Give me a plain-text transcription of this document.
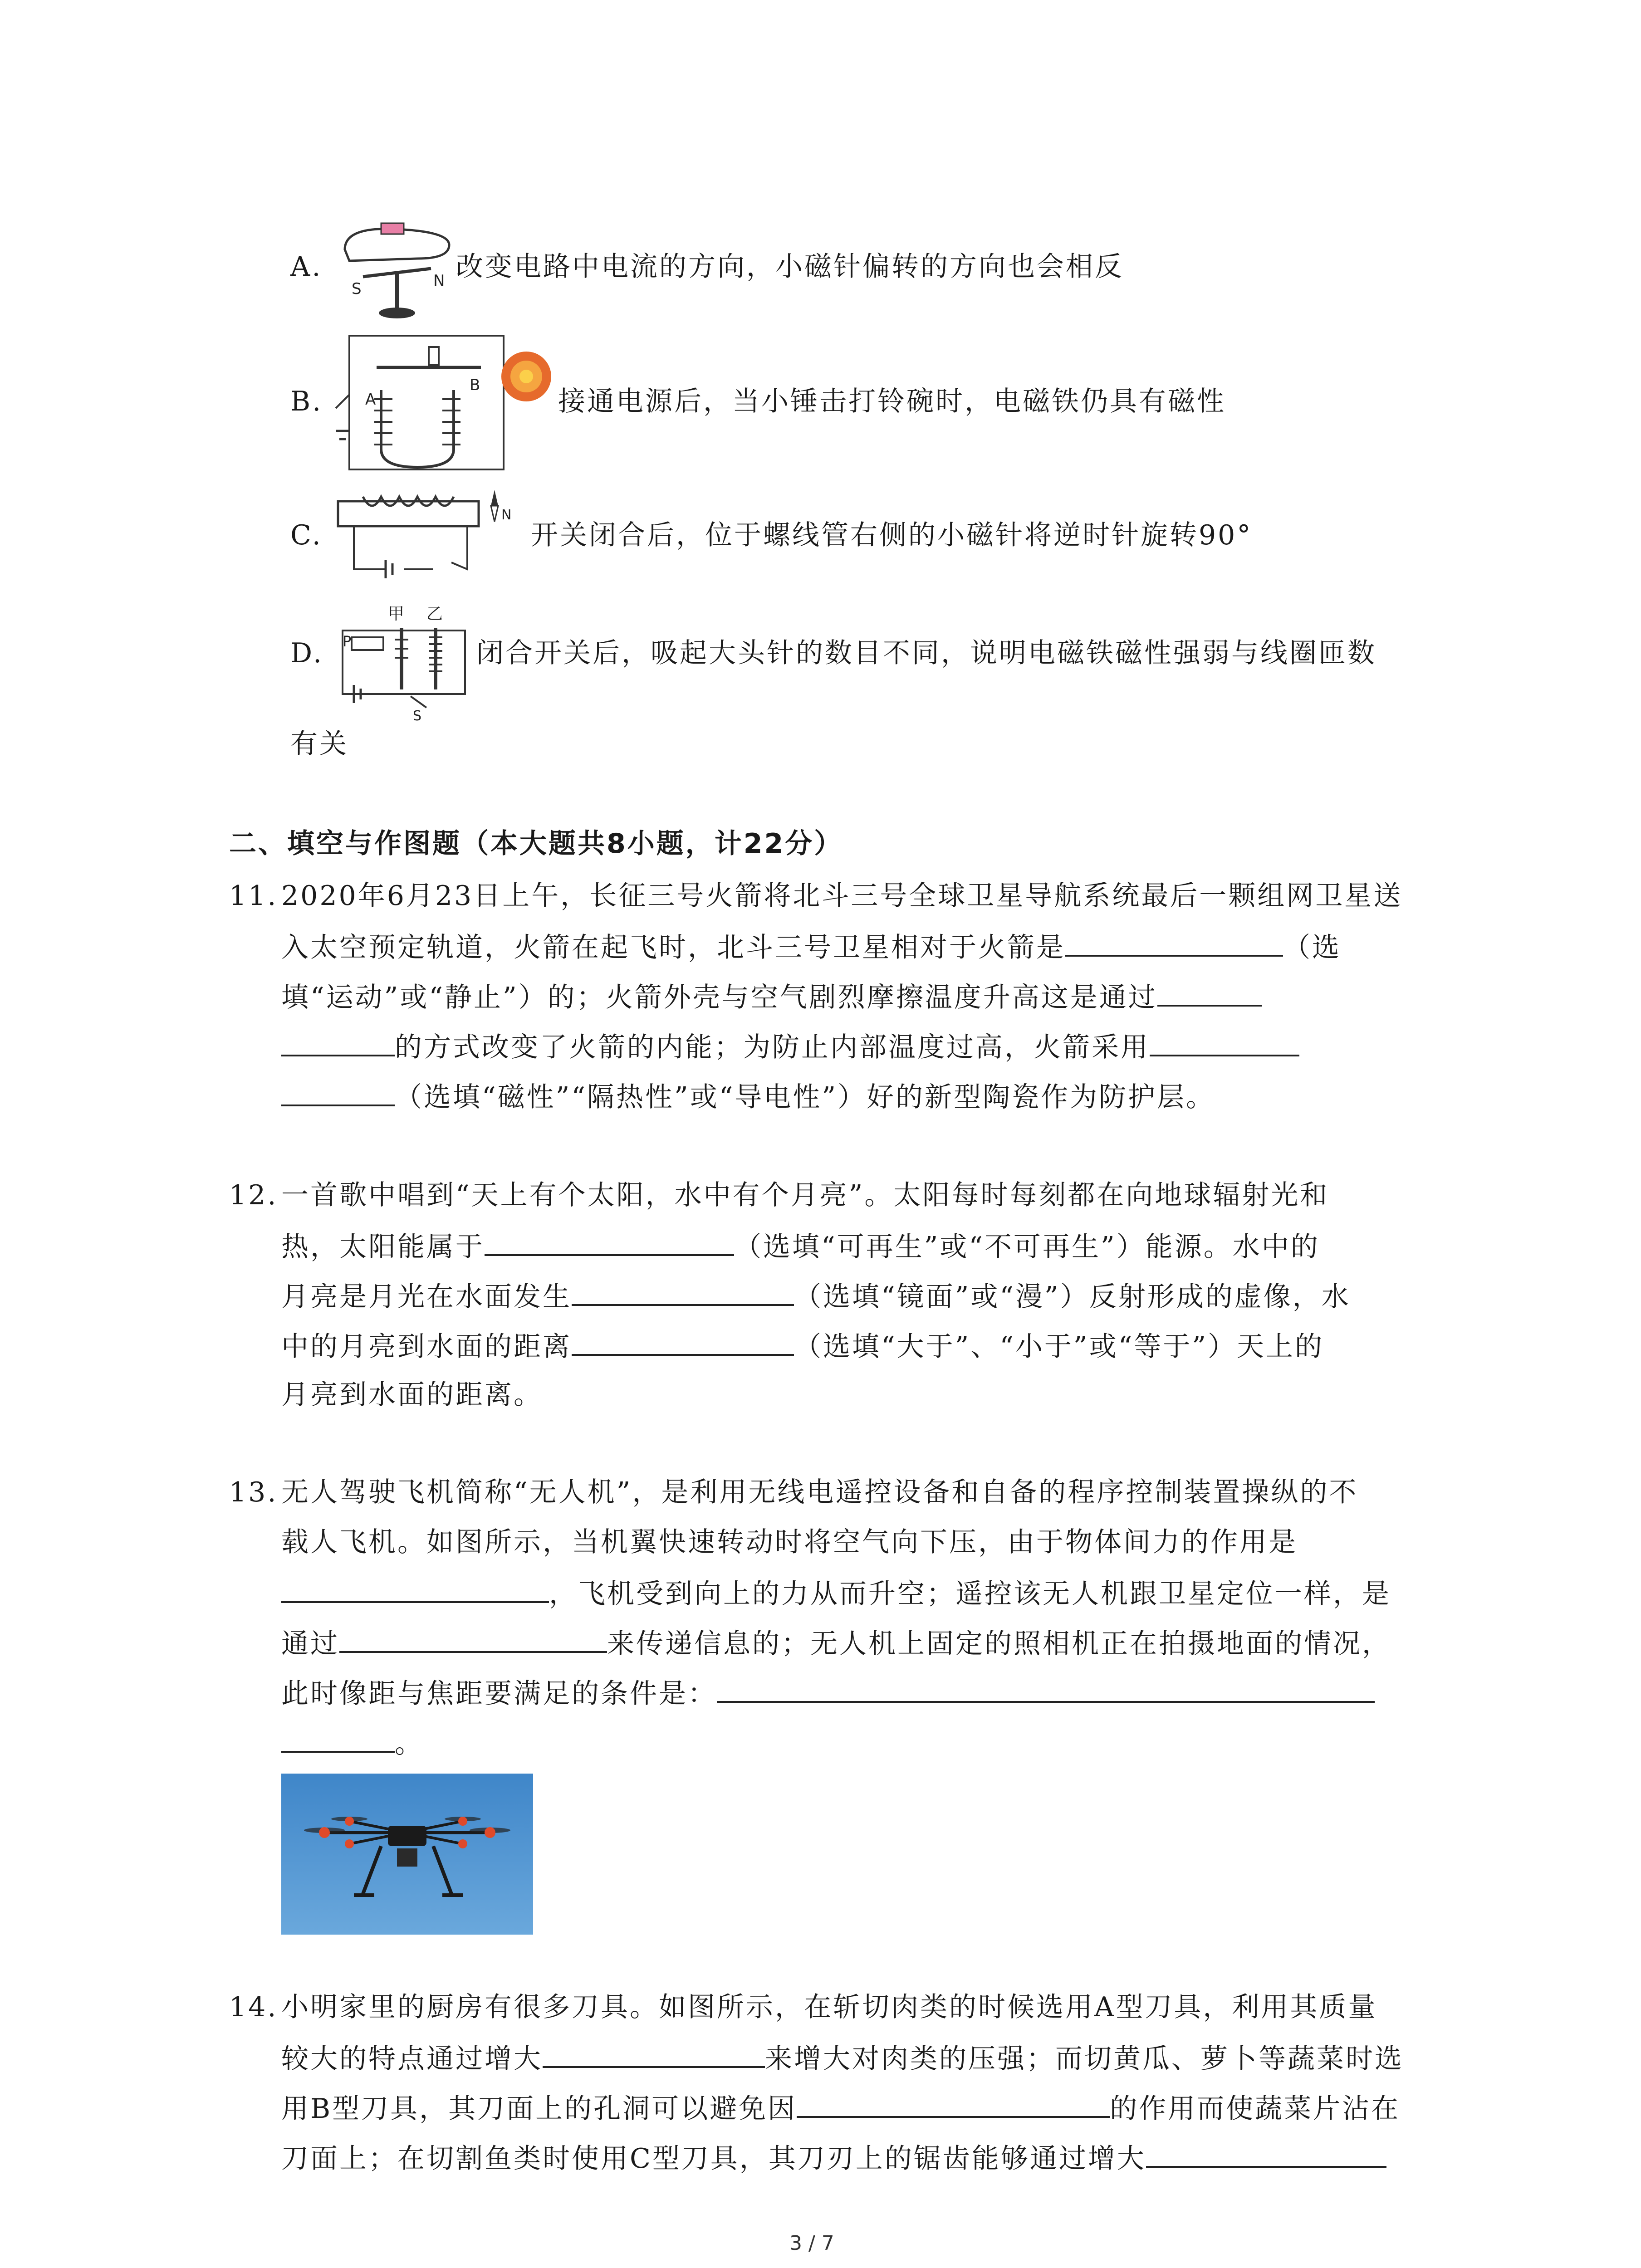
A.
S	N 改变电路中电流的方向，小磁针偏转的方向也会相反
B.	A
B
接通电源后，当小锤击打铃碗时，电磁铁仍具有磁性
C.
N
开关闭合后，位于螺线管右侧的小磁针将逆时针旋转90°
D.
甲 乙
P
S
闭合开关后，吸起大头针的数目不同，说明电磁铁磁性强弱与线圈匝数
有关
二、填空与作图题（本大题共8小题，计22分）
11. 2020年6月23日上午，长征三号火箭将北斗三号全球卫星导航系统最后一颗组网卫星送
入太空预定轨道，火箭在起飞时，北斗三号卫星相对于火箭是	（选
填“运动”或“静止”）的；火箭外壳与空气剧烈摩擦温度升高这是通过
的方式改变了火箭的内能；为防止内部温度过高，火箭采用
（选填“磁性”“隔热性”或“导电性”）好的新型陶瓷作为防护层。
12. 一首歌中唱到“天上有个太阳，水中有个月亮”。太阳每时每刻都在向地球辐射光和
热，太阳能属于	（选填“可再生”或“不可再生”）能源。水中的
月亮是月光在水面发生	（选填“镜面”或“漫”）反射形成的虚像，水
中的月亮到水面的距离	（选填“大于”、“小于”或“等于”）天上的
月亮到水面的距离。
13. 无人驾驶飞机简称“无人机”，是利用无线电遥控设备和自备的程序控制装置操纵的不
载人飞机。如图所示，当机翼快速转动时将空气向下压，由于物体间力的作用是
，飞机受到向上的力从而升空；遥控该无人机跟卫星定位一样，是
通过	来传递信息的；无人机上固定的照相机正在拍摄地面的情况，
此时像距与焦距要满足的条件是：
。
14. 小明家里的厨房有很多刀具。如图所示，在斩切肉类的时候选用A型刀具，利用其质量
较大的特点通过增大	来增大对肉类的压强；而切黄瓜、萝卜等蔬菜时选
用B型刀具，其刀面上的孔洞可以避免因	的作用而使蔬菜片沾在
刀面上；在切割鱼类时使用C型刀具，其刀刃上的锯齿能够通过增大
3 / 7
